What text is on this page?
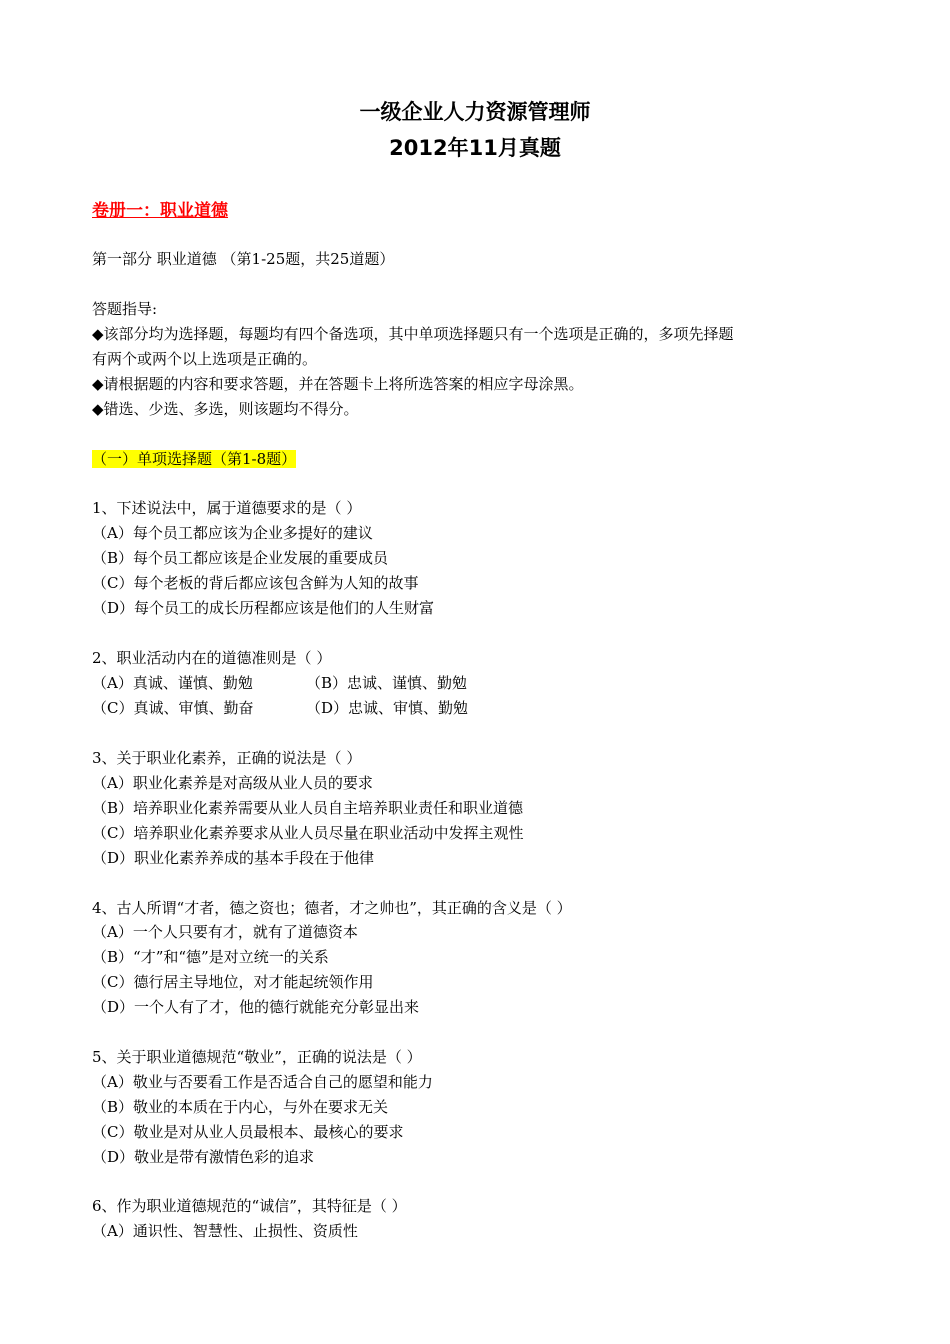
一级企业人力资源管理师
2012年11月真题
卷册一：职业道德
第一部分 职业道德 （第1-25题，共25道题）
答题指导:
◆该部分均为选择题，每题均有四个备选项，其中单项选择题只有一个选项是正确的，多项先择题
有两个或两个以上选项是正确的。
◆请根据题的内容和要求答题，并在答题卡上将所选答案的相应字母涂黑。
◆错选、少选、多选，则该题均不得分。
（一）单项选择题（第1-8题）
1、下述说法中，属于道德要求的是（ ）
（A）每个员工都应该为企业多提好的建议
（B）每个员工都应该是企业发展的重要成员
（C）每个老板的背后都应该包含鲜为人知的故事
（D）每个员工的成长历程都应该是他们的人生财富
2、职业活动内在的道德准则是（ ）
（A）真诚、谨慎、勤勉	（B）忠诚、谨慎、勤勉
（C）真诚、审慎、勤奋	（D）忠诚、审慎、勤勉
3、关于职业化素养，正确的说法是（ ）
（A）职业化素养是对高级从业人员的要求
（B）培养职业化素养需要从业人员自主培养职业责任和职业道德
（C）培养职业化素养要求从业人员尽量在职业活动中发挥主观性
（D）职业化素养养成的基本手段在于他律
4、古人所谓“才者，德之资也；德者，才之帅也”，其正确的含义是（ ）
（A）一个人只要有才，就有了道德资本
（B）“才”和“德”是对立统一的关系
（C）德行居主导地位，对才能起统领作用
（D）一个人有了才，他的德行就能充分彰显出来
5、关于职业道德规范“敬业”，正确的说法是（ ）
（A）敬业与否要看工作是否适合自己的愿望和能力
（B）敬业的本质在于内心，与外在要求无关
（C）敬业是对从业人员最根本、最核心的要求
（D）敬业是带有激情色彩的追求
6、作为职业道德规范的“诚信”，其特征是（ ）
（A）通识性、智慧性、止损性、资质性
